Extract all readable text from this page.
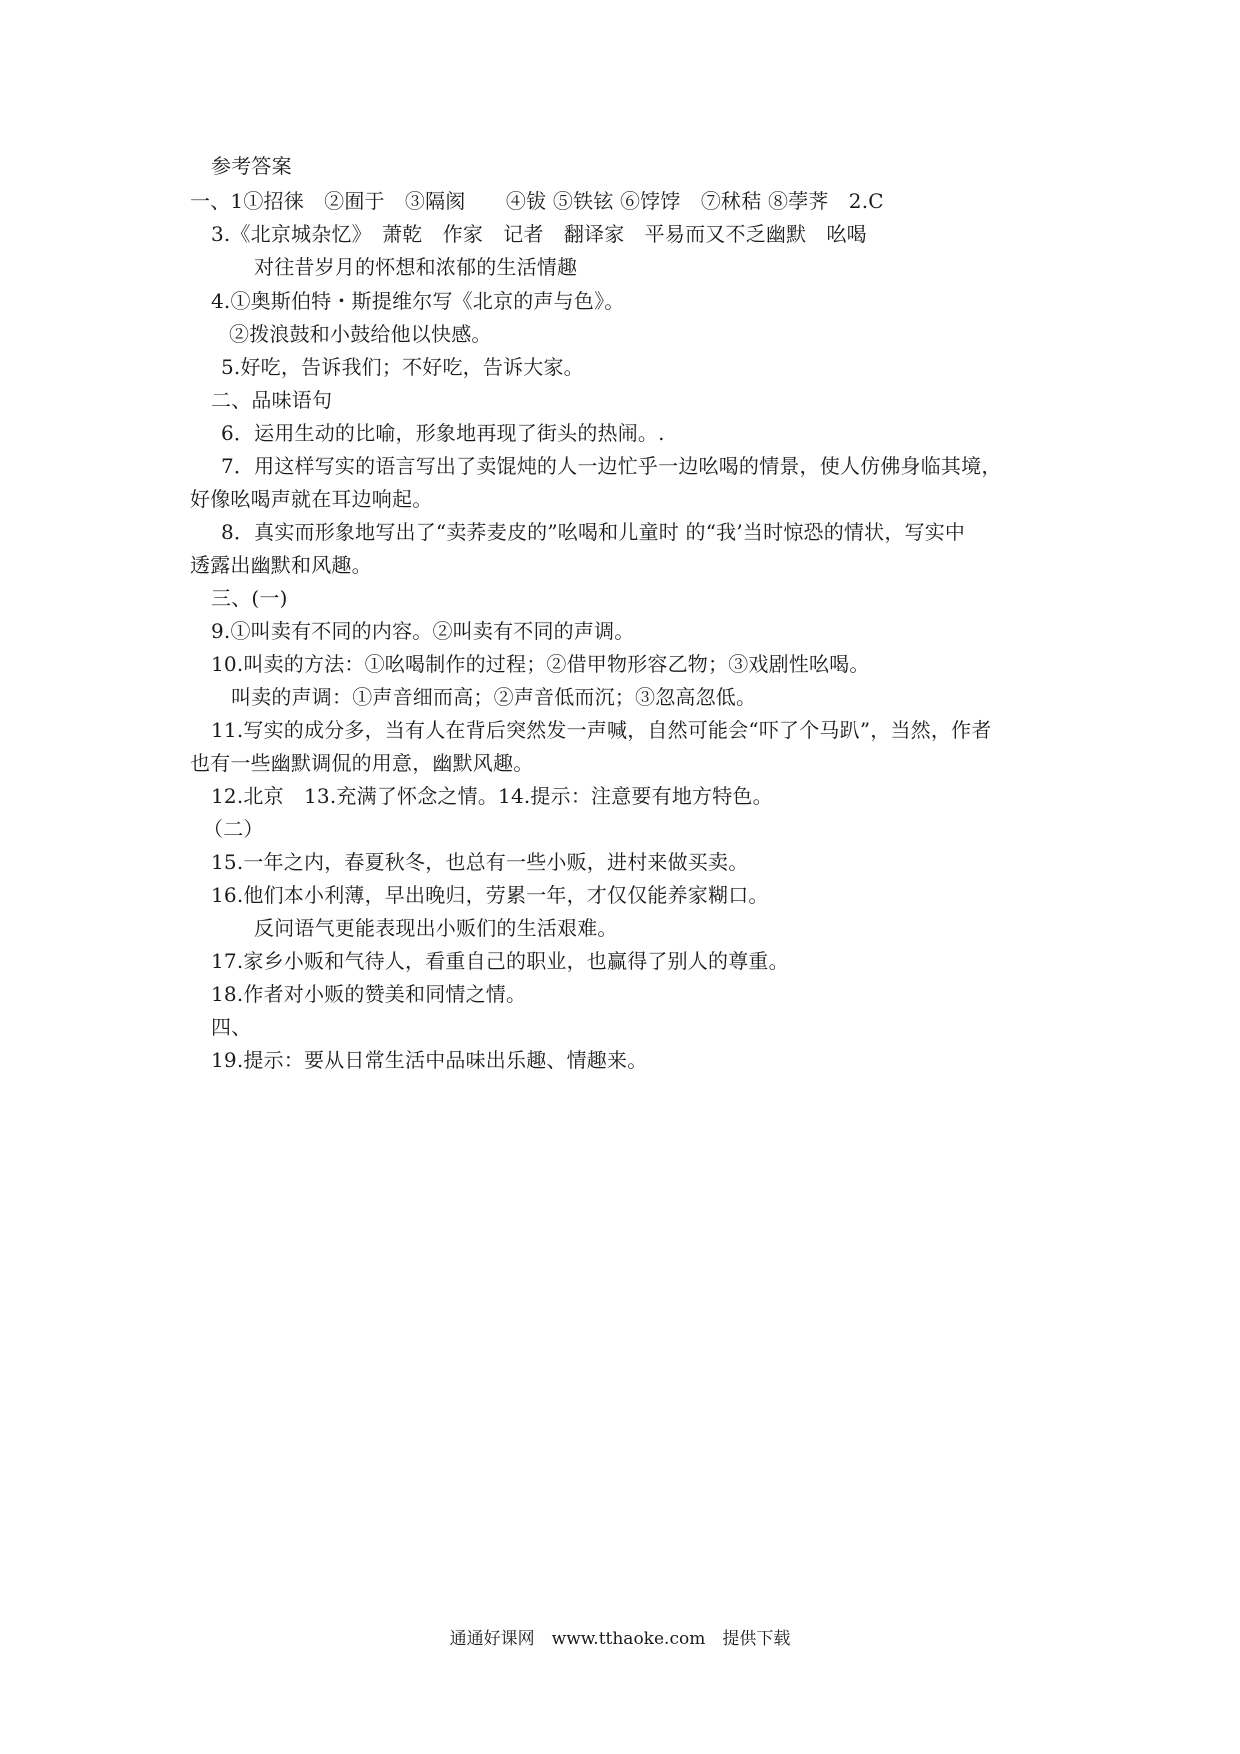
参考答案
一、1①招徕　②囿于　③隔阂　　④钹 ⑤铁铉 ⑥饽饽　⑦秫秸 ⑧荸荠　2.C
3.《北京城杂忆》　萧乾　作家　记者　翻译家　平易而又不乏幽默　吆喝
对往昔岁月的怀想和浓郁的生活情趣
4.①奥斯伯特・斯提维尔写《北京的声与色》。
②拨浪鼓和小鼓给他以快感。
5.好吃，告诉我们；不好吃，告诉大家。
二、品味语句
6．运用生动的比喻，形象地再现了街头的热闹。.
7．用这样写实的语言写出了卖馄炖的人一边忙乎一边吆喝的情景，使人仿佛身临其境，
好像吆喝声就在耳边响起。
8．真实而形象地写出了“卖荞麦皮的”吆喝和儿童时 的“我’当时惊恐的情状，写实中
透露出幽默和风趣。
三、(一)
9.①叫卖有不同的内容。②叫卖有不同的声调。
10.叫卖的方法：①吆喝制作的过程；②借甲物形容乙物；③戏剧性吆喝。
叫卖的声调：①声音细而高；②声音低而沉；③忽高忽低。
11.写实的成分多，当有人在背后突然发一声喊，自然可能会“吓了个马趴”，当然，作者
也有一些幽默调侃的用意，幽默风趣。
12.北京　13.充满了怀念之情。14.提示：注意要有地方特色。
（二）
15.一年之内，春夏秋冬，也总有一些小贩，进村来做买卖。
16.他们本小利薄，早出晚归，劳累一年，才仅仅能养家糊口。
反问语气更能表现出小贩们的生活艰难。
17.家乡小贩和气待人，看重自己的职业，也赢得了别人的尊重。
18.作者对小贩的赞美和同情之情。
四、
19.提示：要从日常生活中品味出乐趣、情趣来。
通通好课网　www.tthaoke.com　提供下载
